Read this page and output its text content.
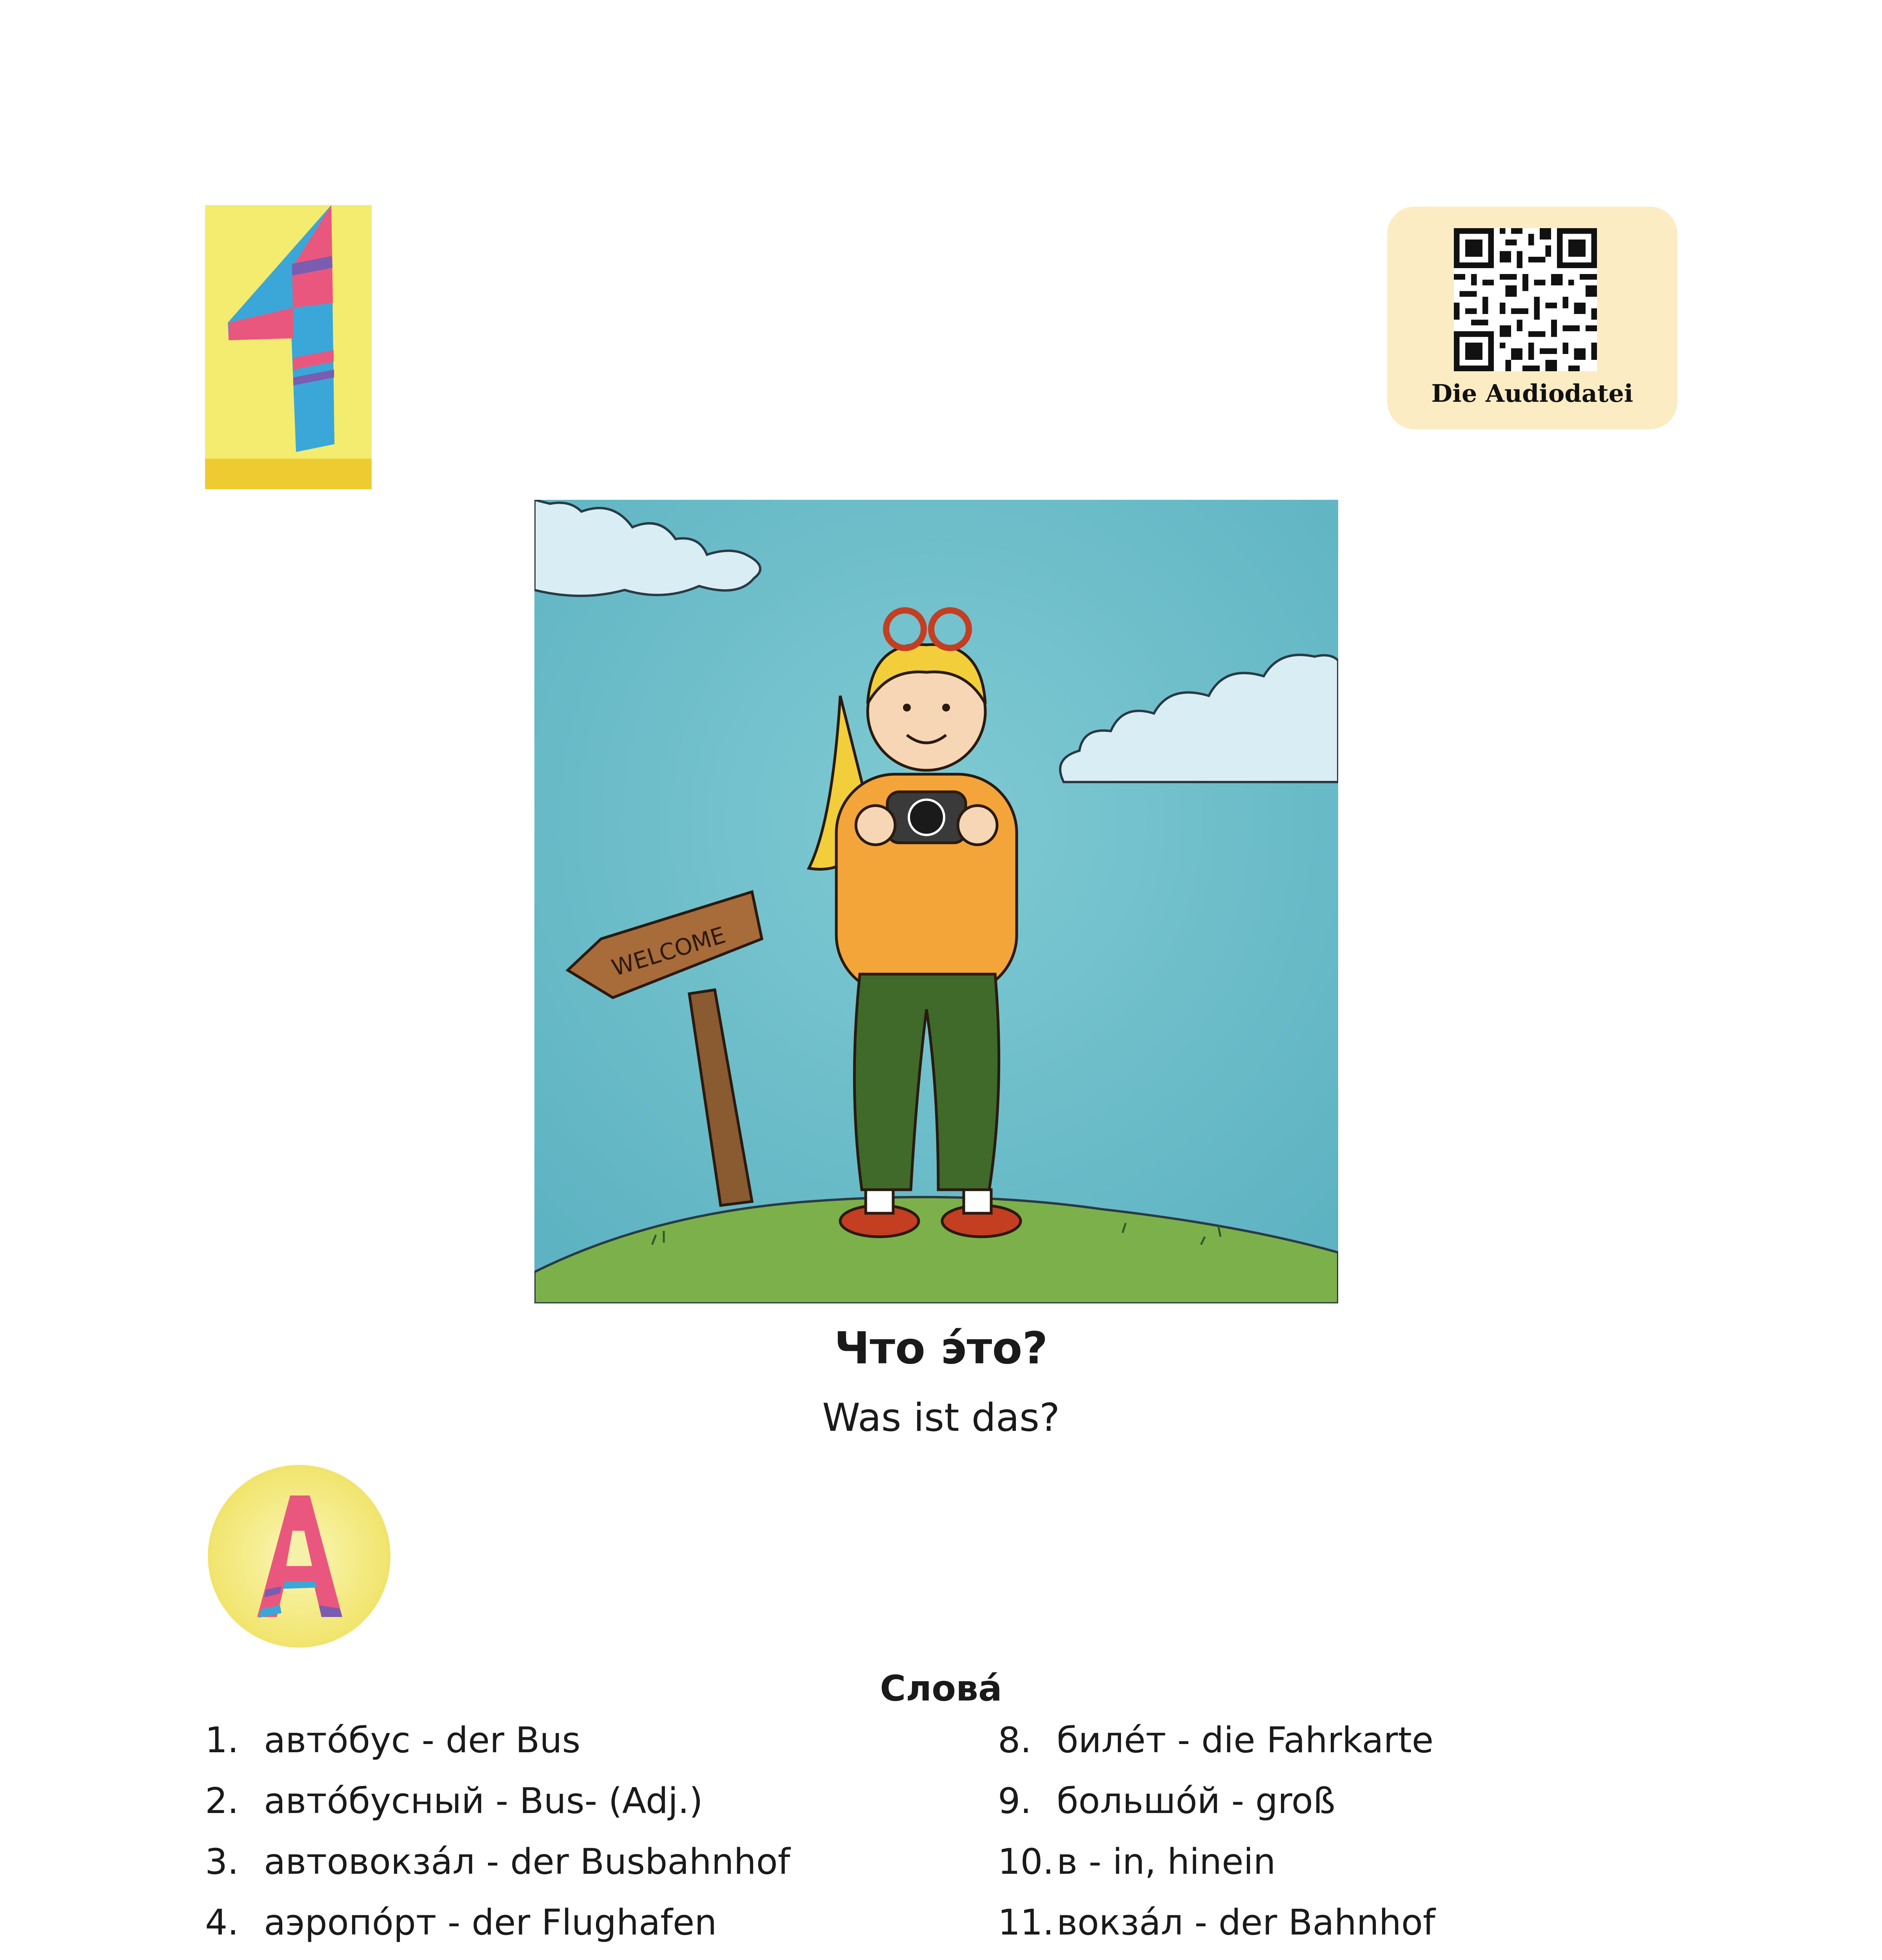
Die Audiodatei
WELCOME
Что э́то?
Was ist das?
A
Слова́
1. авто́бус - der Bus
2. авто́бусный - Bus- (Adj.)
3. автовокза́л - der Busbahnhof
4. аэропо́рт - der Flughafen
8. биле́т - die Fahrkarte
9. большо́й - groß
10.в - in, hinein
11.вокза́л - der Bahnhof
